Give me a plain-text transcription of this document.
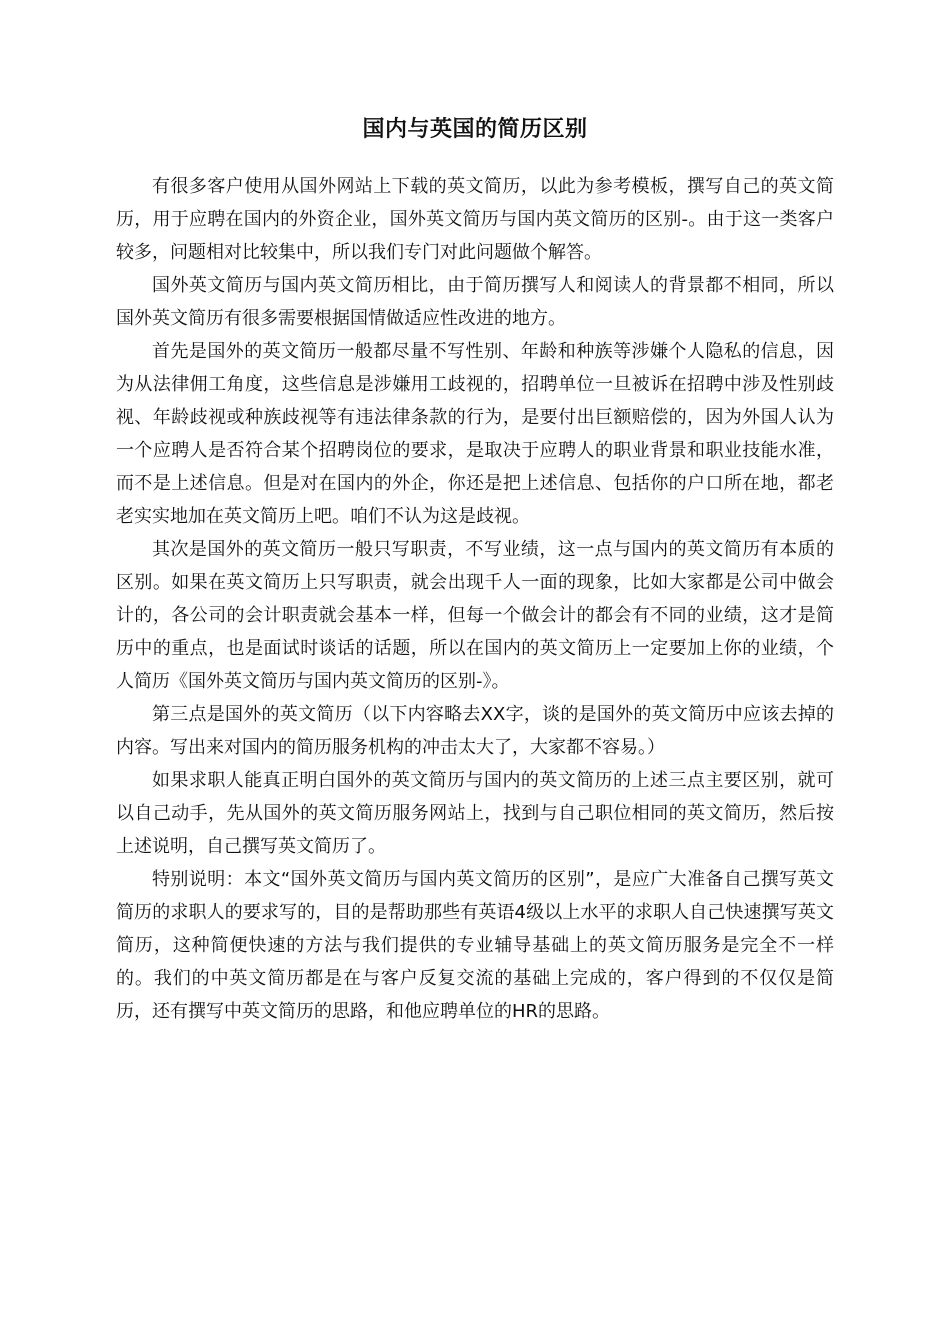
国内与英国的简历区别

有很多客户使用从国外网站上下载的英文简历，以此为参考模板，撰写自己的英文简历，用于应聘在国内的外资企业，国外英文简历与国内英文简历的区别-。由于这一类客户较多，问题相对比较集中，所以我们专门对此问题做个解答。

国外英文简历与国内英文简历相比，由于简历撰写人和阅读人的背景都不相同，所以国外英文简历有很多需要根据国情做适应性改进的地方。

首先是国外的英文简历一般都尽量不写性别、年龄和种族等涉嫌个人隐私的信息，因为从法律佣工角度，这些信息是涉嫌用工歧视的，招聘单位一旦被诉在招聘中涉及性别歧视、年龄歧视或种族歧视等有违法律条款的行为，是要付出巨额赔偿的，因为外国人认为一个应聘人是否符合某个招聘岗位的要求，是取决于应聘人的职业背景和职业技能水准，而不是上述信息。但是对在国内的外企，你还是把上述信息、包括你的户口所在地，都老老实实地加在英文简历上吧。咱们不认为这是歧视。

其次是国外的英文简历一般只写职责，不写业绩，这一点与国内的英文简历有本质的区别。如果在英文简历上只写职责，就会出现千人一面的现象，比如大家都是公司中做会计的，各公司的会计职责就会基本一样，但每一个做会计的都会有不同的业绩，这才是简历中的重点，也是面试时谈话的话题，所以在国内的英文简历上一定要加上你的业绩，个人简历《国外英文简历与国内英文简历的区别-》。

第三点是国外的英文简历（以下内容略去XX字，谈的是国外的英文简历中应该去掉的内容。写出来对国内的简历服务机构的冲击太大了，大家都不容易。）

如果求职人能真正明白国外的英文简历与国内的英文简历的上述三点主要区别，就可以自己动手，先从国外的英文简历服务网站上，找到与自己职位相同的英文简历，然后按上述说明，自己撰写英文简历了。

特别说明：本文“国外英文简历与国内英文简历的区别”，是应广大准备自己撰写英文简历的求职人的要求写的，目的是帮助那些有英语4级以上水平的求职人自己快速撰写英文简历，这种简便快速的方法与我们提供的专业辅导基础上的英文简历服务是完全不一样的。我们的中英文简历都是在与客户反复交流的基础上完成的，客户得到的不仅仅是简历，还有撰写中英文简历的思路，和他应聘单位的HR的思路。
